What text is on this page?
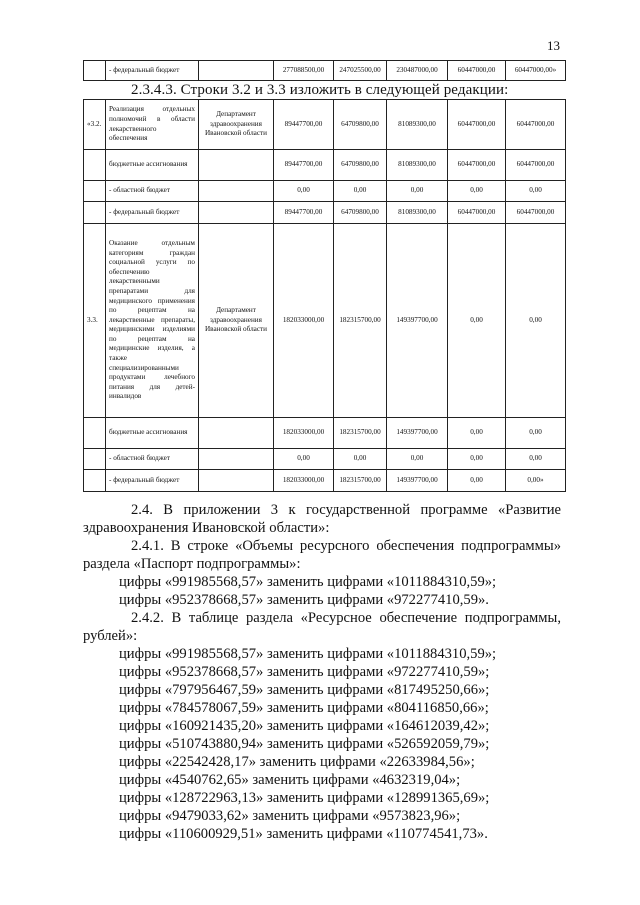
13
	- федеральный бюджет		277088500,00	247025500,00	230487000,00	60447000,00	60447000,00»
2.3.4.3. Строки 3.2 и 3.3 изложить в следующей редакции:
«3.2.	Реализация отдельных полномочий в области лекарственного обеспечения	Департамент здравоохранения Ивановской области	89447700,00	64709800,00	81089300,00	60447000,00	60447000,00
	бюджетные ассигнования		89447700,00	64709800,00	81089300,00	60447000,00	60447000,00
	- областной бюджет		0,00	0,00	0,00	0,00	0,00
	- федеральный бюджет		89447700,00	64709800,00	81089300,00	60447000,00	60447000,00
3.3.	Оказание отдельным категориям граждан социальной услуги по обеспечению лекарственными препаратами для медицинского применения по рецептам на лекарственные препараты, медицинскими изделиями по рецептам на медицинские изделия, а также специализированными продуктами лечебного питания для детей-инвалидов	Департамент здравоохранения Ивановской области	182033000,00	182315700,00	149397700,00	0,00	0,00
	бюджетные ассигнования		182033000,00	182315700,00	149397700,00	0,00	0,00
	- областной бюджет		0,00	0,00	0,00	0,00	0,00
	- федеральный бюджет		182033000,00	182315700,00	149397700,00	0,00	0,00»
2.4. В приложении 3 к государственной программе «Развитие
здравоохранения Ивановской области»:
2.4.1. В строке «Объемы ресурсного обеспечения подпрограммы»
раздела «Паспорт подпрограммы»:
цифры «991985568,57» заменить цифрами «1011884310,59»;
цифры «952378668,57» заменить цифрами «972277410,59».
2.4.2. В таблице раздела «Ресурсное обеспечение подпрограммы,
рублей»:
цифры «991985568,57» заменить цифрами «1011884310,59»;
цифры «952378668,57» заменить цифрами «972277410,59»;
цифры «797956467,59» заменить цифрами «817495250,66»;
цифры «784578067,59» заменить цифрами «804116850,66»;
цифры «160921435,20» заменить цифрами «164612039,42»;
цифры «510743880,94» заменить цифрами «526592059,79»;
цифры «22542428,17» заменить цифрами «22633984,56»;
цифры «4540762,65» заменить цифрами «4632319,04»;
цифры «128722963,13» заменить цифрами «128991365,69»;
цифры «9479033,62» заменить цифрами «9573823,96»;
цифры «110600929,51» заменить цифрами «110774541,73».
